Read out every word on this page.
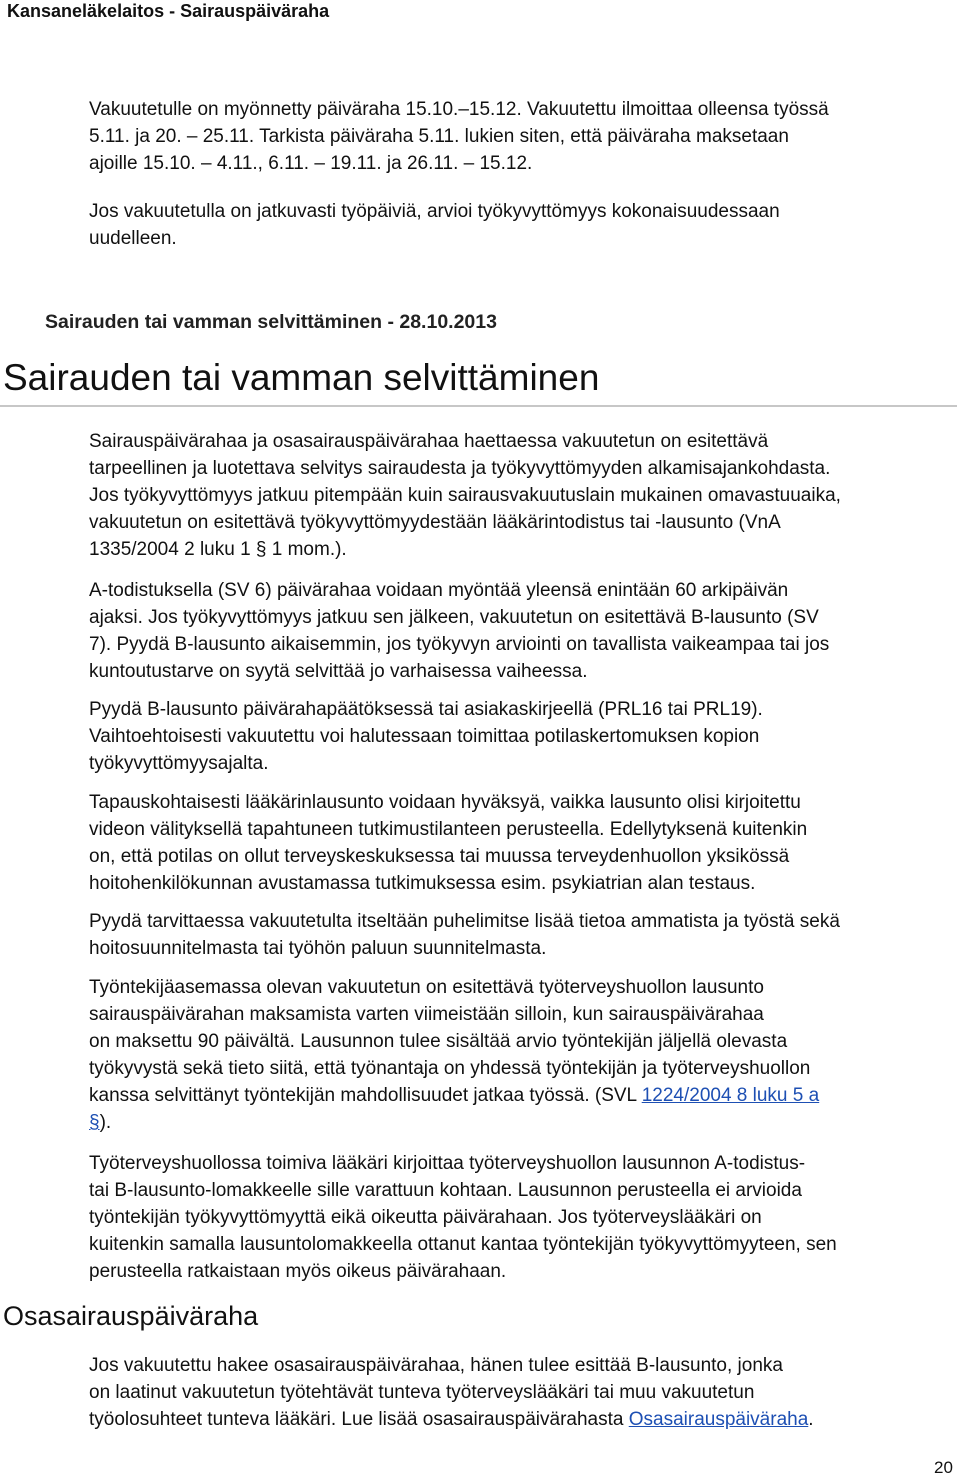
Kansaneläkelaitos - Sairauspäiväraha
Vakuutetulle on myönnetty päiväraha 15.10.–15.12. Vakuutettu ilmoittaa olleensa työssä
5.11. ja 20. – 25.11. Tarkista päiväraha 5.11. lukien siten, että päiväraha maksetaan
ajoille 15.10. – 4.11., 6.11. – 19.11. ja 26.11. – 15.12.
Jos vakuutetulla on jatkuvasti työpäiviä, arvioi työkyvyttömyys kokonaisuudessaan
uudelleen.
Sairauden tai vamman selvittäminen - 28.10.2013
Sairauden tai vamman selvittäminen
Sairauspäivärahaa ja osasairauspäivärahaa haettaessa vakuutetun on esitettävä
tarpeellinen ja luotettava selvitys sairaudesta ja työkyvyttömyyden alkamisajankohdasta.
Jos työkyvyttömyys jatkuu pitempään kuin sairausvakuutuslain mukainen omavastuuaika,
vakuutetun on esitettävä työkyvyttömyydestään lääkärintodistus tai -lausunto (VnA
1335/2004 2 luku 1 § 1 mom.).
A-todistuksella (SV 6) päivärahaa voidaan myöntää yleensä enintään 60 arkipäivän
ajaksi. Jos työkyvyttömyys jatkuu sen jälkeen, vakuutetun on esitettävä B-lausunto (SV
7). Pyydä B-lausunto aikaisemmin, jos työkyvyn arviointi on tavallista vaikeampaa tai jos
kuntoutustarve on syytä selvittää jo varhaisessa vaiheessa.
Pyydä B-lausunto päivärahapäätöksessä tai asiakaskirjeellä (PRL16 tai PRL19).
Vaihtoehtoisesti vakuutettu voi halutessaan toimittaa potilaskertomuksen kopion
työkyvyttömyysajalta.
Tapauskohtaisesti lääkärinlausunto voidaan hyväksyä, vaikka lausunto olisi kirjoitettu
videon välityksellä tapahtuneen tutkimustilanteen perusteella. Edellytyksenä kuitenkin
on, että potilas on ollut terveyskeskuksessa tai muussa terveydenhuollon yksikössä
hoitohenkilökunnan avustamassa tutkimuksessa esim. psykiatrian alan testaus.
Pyydä tarvittaessa vakuutetulta itseltään puhelimitse lisää tietoa ammatista ja työstä sekä
hoitosuunnitelmasta tai työhön paluun suunnitelmasta.
Työntekijäasemassa olevan vakuutetun on esitettävä työterveyshuollon lausunto
sairauspäivärahan maksamista varten viimeistään silloin, kun sairauspäivärahaa
on maksettu 90 päivältä. Lausunnon tulee sisältää arvio työntekijän jäljellä olevasta
työkyvystä sekä tieto siitä, että työnantaja on yhdessä työntekijän ja työterveyshuollon
kanssa selvittänyt työntekijän mahdollisuudet jatkaa työssä. (SVL 1224/2004 8 luku 5 a
§).
Työterveyshuollossa toimiva lääkäri kirjoittaa työterveyshuollon lausunnon A-todistus-
tai B-lausunto-lomakkeelle sille varattuun kohtaan. Lausunnon perusteella ei arvioida
työntekijän työkyvyttömyyttä eikä oikeutta päivärahaan. Jos työterveyslääkäri on
kuitenkin samalla lausuntolomakkeella ottanut kantaa työntekijän työkyvyttömyyteen, sen
perusteella ratkaistaan myös oikeus päivärahaan.
Osasairauspäiväraha
Jos vakuutettu hakee osasairauspäivärahaa, hänen tulee esittää B-lausunto, jonka
on laatinut vakuutetun työtehtävät tunteva työterveyslääkäri tai muu vakuutetun
työolosuhteet tunteva lääkäri. Lue lisää osasairauspäivärahasta Osasairauspäiväraha.
20
